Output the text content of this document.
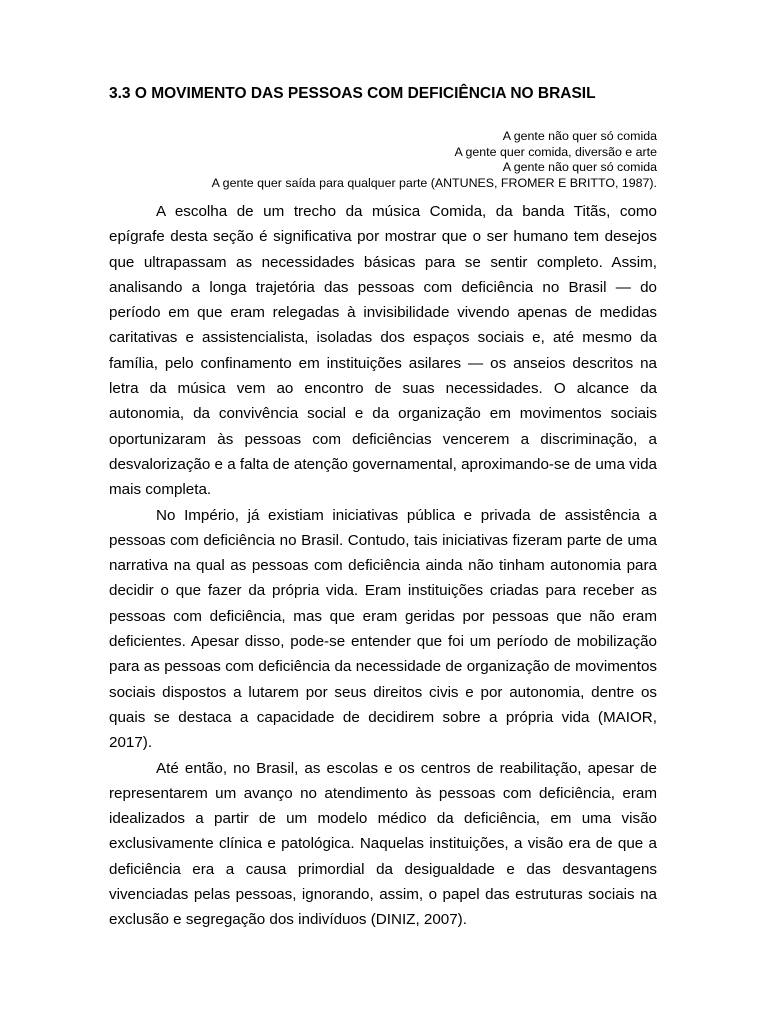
3.3 O MOVIMENTO DAS PESSOAS COM DEFICIÊNCIA NO BRASIL
A gente não quer só comida
A gente quer comida, diversão e arte
A gente não quer só comida
A gente quer saída para qualquer parte (ANTUNES, FROMER E BRITTO, 1987).

A escolha de um trecho da música Comida, da banda Titãs, como epígrafe desta seção é significativa por mostrar que o ser humano tem desejos que ultrapassam as necessidades básicas para se sentir completo. Assim, analisando a longa trajetória das pessoas com deficiência no Brasil — do período em que eram relegadas à invisibilidade vivendo apenas de medidas caritativas e assistencialista, isoladas dos espaços sociais e, até mesmo da família, pelo confinamento em instituições asilares — os anseios descritos na letra da música vem ao encontro de suas necessidades. O alcance da autonomia, da convivência social e da organização em movimentos sociais oportunizaram às pessoas com deficiências vencerem a discriminação, a desvalorização e a falta de atenção governamental, aproximando-se de uma vida mais completa.

No Império, já existiam iniciativas pública e privada de assistência a pessoas com deficiência no Brasil. Contudo, tais iniciativas fizeram parte de uma narrativa na qual as pessoas com deficiência ainda não tinham autonomia para decidir o que fazer da própria vida. Eram instituições criadas para receber as pessoas com deficiência, mas que eram geridas por pessoas que não eram deficientes. Apesar disso, pode-se entender que foi um período de mobilização para as pessoas com deficiência da necessidade de organização de movimentos sociais dispostos a lutarem por seus direitos civis e por autonomia, dentre os quais se destaca a capacidade de decidirem sobre a própria vida (MAIOR, 2017).

Até então, no Brasil, as escolas e os centros de reabilitação, apesar de representarem um avanço no atendimento às pessoas com deficiência, eram idealizados a partir de um modelo médico da deficiência, em uma visão exclusivamente clínica e patológica. Naquelas instituições, a visão era de que a deficiência era a causa primordial da desigualdade e das desvantagens vivenciadas pelas pessoas, ignorando, assim, o papel das estruturas sociais na exclusão e segregação dos indivíduos (DINIZ, 2007).
